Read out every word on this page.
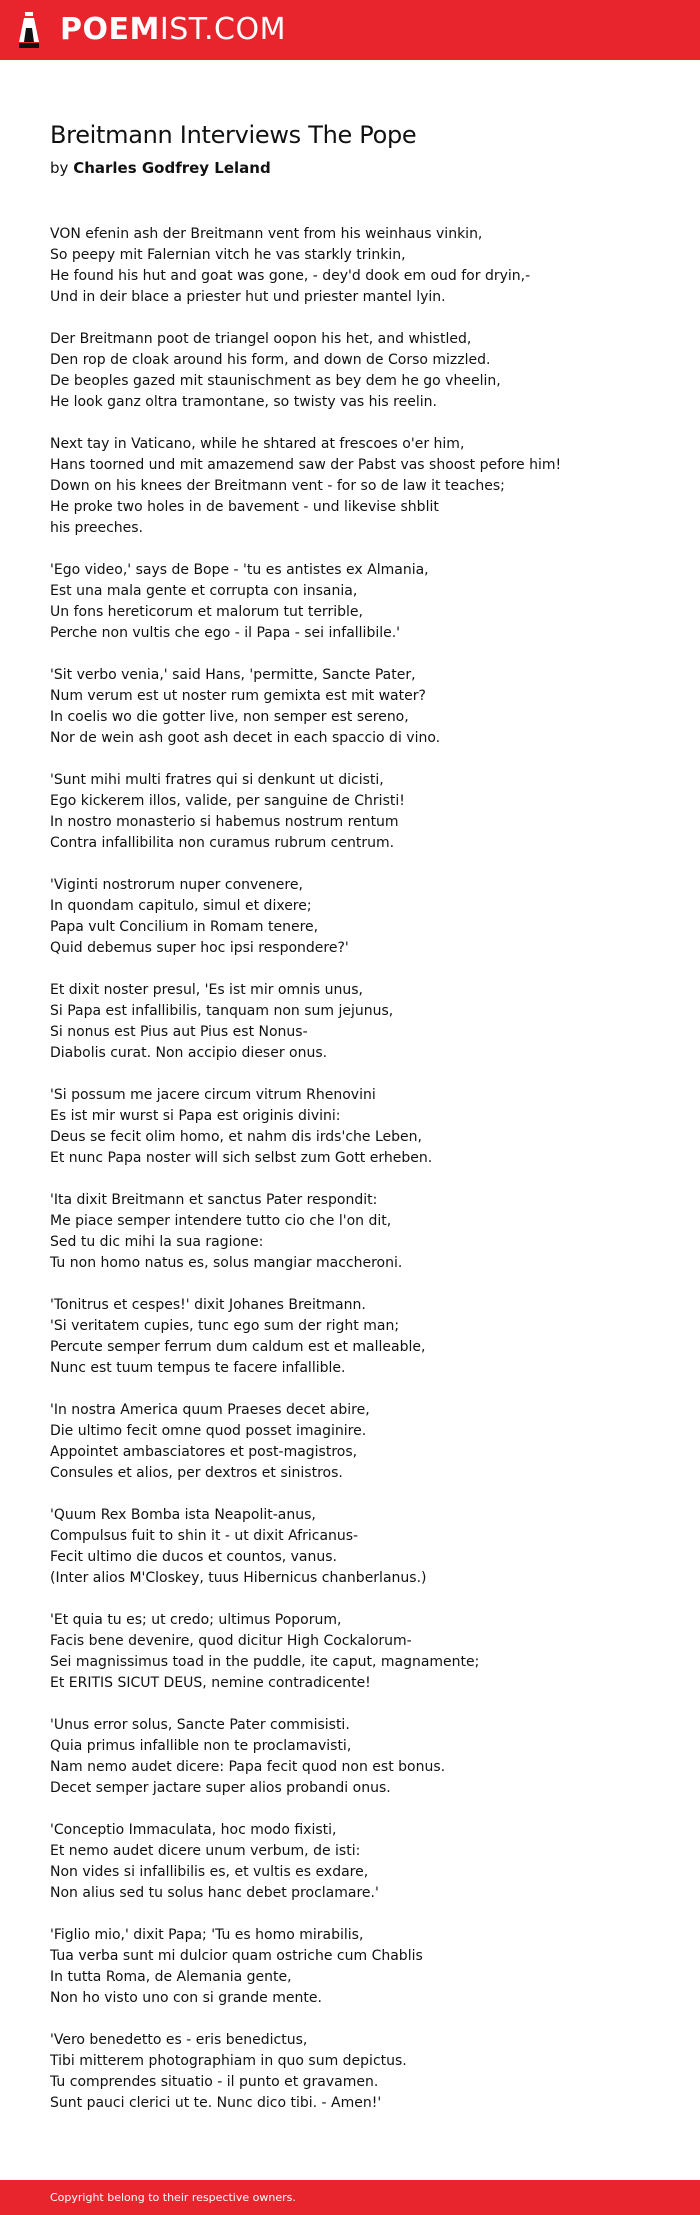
POEMIST.COM
Breitmann Interviews The Pope

by Charles Godfrey Leland

VON efenin ash der Breitmann vent from his weinhaus vinkin,
So peepy mit Falernian vitch he vas starkly trinkin,
He found his hut and goat was gone, - dey'd dook em oud for dryin,-
Und in deir blace a priester hut und priester mantel lyin.
Der Breitmann poot de triangel oopon his het, and whistled,
Den rop de cloak around his form, and down de Corso mizzled.
De beoples gazed mit staunischment as bey dem he go vheelin,
He look ganz oltra tramontane, so twisty vas his reelin.
Next tay in Vaticano, while he shtared at frescoes o'er him,
Hans toorned und mit amazemend saw der Pabst vas shoost pefore him!
Down on his knees der Breitmann vent - for so de law it teaches;
He proke two holes in de bavement - und likevise shblit
his preeches.
'Ego video,' says de Bope - 'tu es antistes ex Almania,
Est una mala gente et corrupta con insania,
Un fons hereticorum et malorum tut terrible,
Perche non vultis che ego - il Papa - sei infallibile.'
'Sit verbo venia,' said Hans, 'permitte, Sancte Pater,
Num verum est ut noster rum gemixta est mit water?
In coelis wo die gotter live, non semper est sereno,
Nor de wein ash goot ash decet in each spaccio di vino.
'Sunt mihi multi fratres qui si denkunt ut dicisti,
Ego kickerem illos, valide, per sanguine de Christi!
In nostro monasterio si habemus nostrum rentum
Contra infallibilita non curamus rubrum centrum.
'Viginti nostrorum nuper convenere,
In quondam capitulo, simul et dixere;
Papa vult Concilium in Romam tenere,
Quid debemus super hoc ipsi respondere?'
Et dixit noster presul, 'Es ist mir omnis unus,
Si Papa est infallibilis, tanquam non sum jejunus,
Si nonus est Pius aut Pius est Nonus-
Diabolis curat. Non accipio dieser onus.
'Si possum me jacere circum vitrum Rhenovini
Es ist mir wurst si Papa est originis divini:
Deus se fecit olim homo, et nahm dis irds'che Leben,
Et nunc Papa noster will sich selbst zum Gott erheben.
'Ita dixit Breitmann et sanctus Pater respondit:
Me piace semper intendere tutto cio che l'on dit,
Sed tu dic mihi la sua ragione:
Tu non homo natus es, solus mangiar maccheroni.
'Tonitrus et cespes!' dixit Johanes Breitmann.
'Si veritatem cupies, tunc ego sum der right man;
Percute semper ferrum dum caldum est et malleable,
Nunc est tuum tempus te facere infallible.
'In nostra America quum Praeses decet abire,
Die ultimo fecit omne quod posset imaginire.
Appointet ambasciatores et post-magistros,
Consules et alios, per dextros et sinistros.
'Quum Rex Bomba ista Neapolit-anus,
Compulsus fuit to shin it - ut dixit Africanus-
Fecit ultimo die ducos et countos, vanus.
(Inter alios M'Closkey, tuus Hibernicus chanberlanus.)
'Et quia tu es; ut credo; ultimus Poporum,
Facis bene devenire, quod dicitur High Cockalorum-
Sei magnissimus toad in the puddle, ite caput, magnamente;
Et ERITIS SICUT DEUS, nemine contradicente!
'Unus error solus, Sancte Pater commisisti.
Quia primus infallible non te proclamavisti,
Nam nemo audet dicere: Papa fecit quod non est bonus.
Decet semper jactare super alios probandi onus.
'Conceptio Immaculata, hoc modo fixisti,
Et nemo audet dicere unum verbum, de isti:
Non vides si infallibilis es, et vultis es exdare,
Non alius sed tu solus hanc debet proclamare.'
'Figlio mio,' dixit Papa; 'Tu es homo mirabilis,
Tua verba sunt mi dulcior quam ostriche cum Chablis
In tutta Roma, de Alemania gente,
Non ho visto uno con si grande mente.
'Vero benedetto es - eris benedictus,
Tibi mitterem photographiam in quo sum depictus.
Tu comprendes situatio - il punto et gravamen.
Sunt pauci clerici ut te. Nunc dico tibi. - Amen!'
Copyright belong to their respective owners.
